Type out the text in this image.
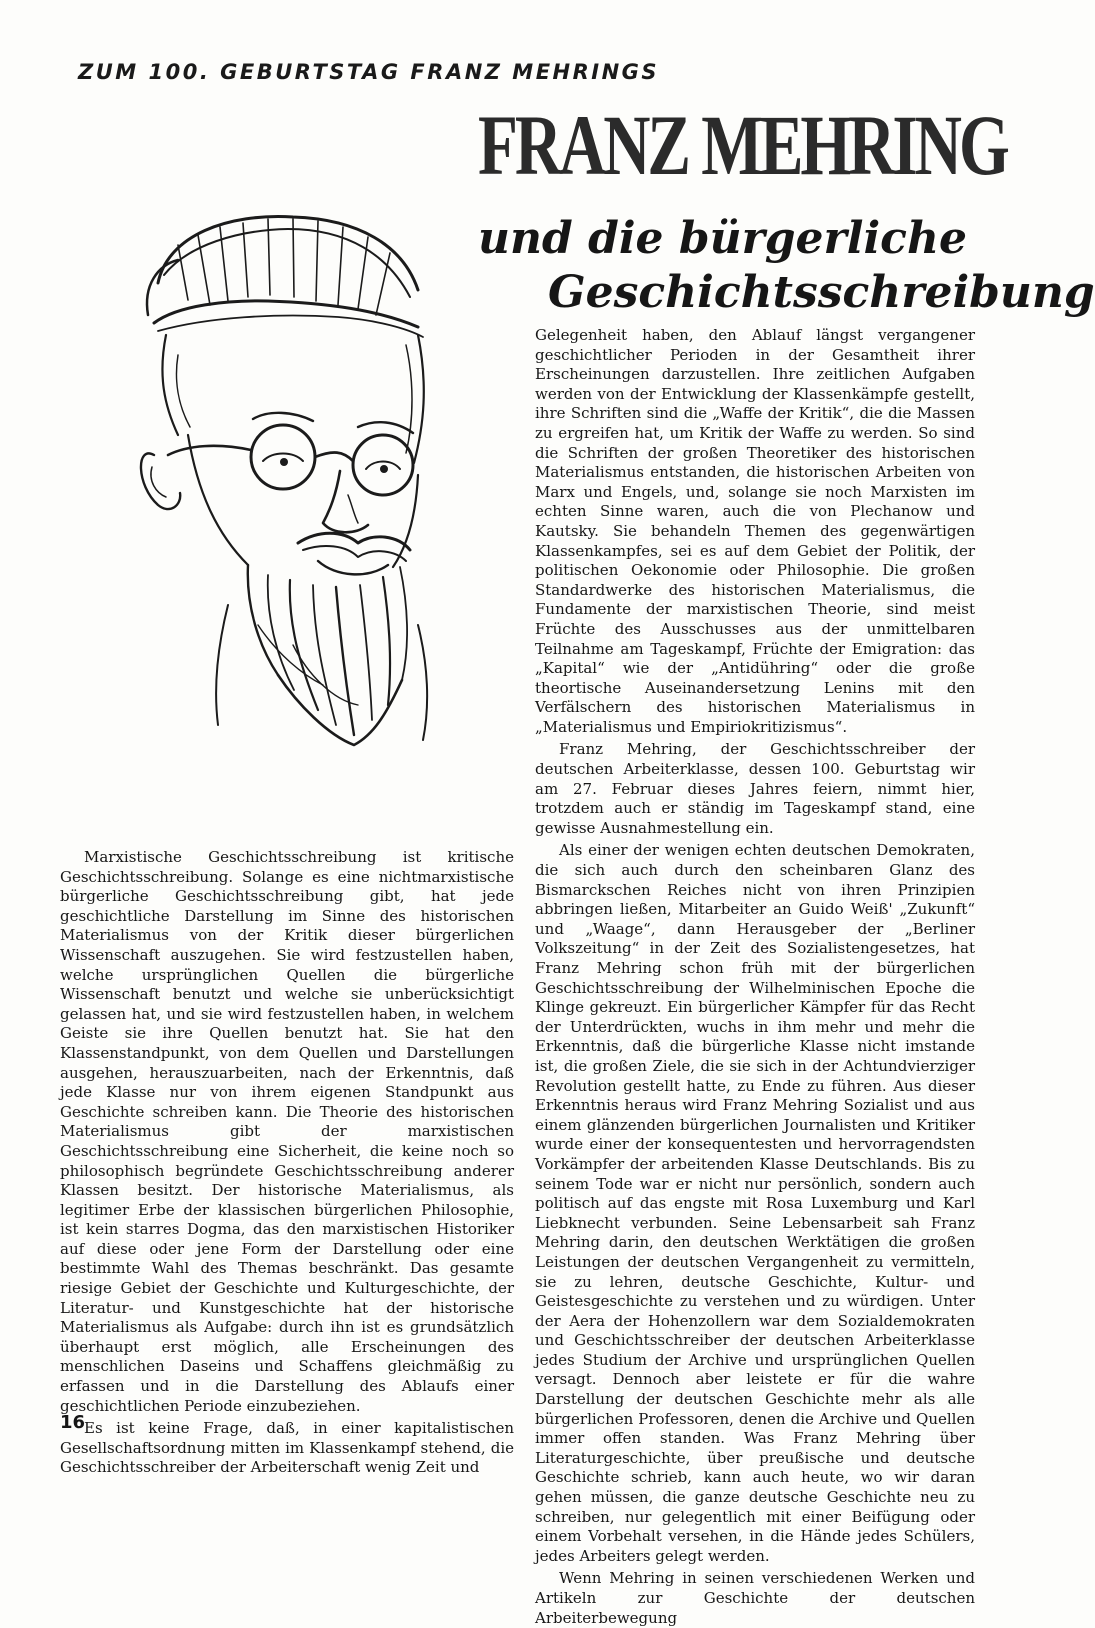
ZUM 100. GEBURTSTAG FRANZ MEHRINGS
FRANZ MEHRING
und die bürgerliche
Geschichtsschreibung

Marxistische Geschichtsschreibung ist kritische Geschichtsschreibung. Solange es eine nichtmarxistische bürgerliche Geschichtsschreibung gibt, hat jede geschichtliche Darstellung im Sinne des historischen Materialismus von der Kritik dieser bürgerlichen Wissenschaft auszugehen. Sie wird festzustellen haben, welche ursprünglichen Quellen die bürgerliche Wissenschaft benutzt und welche sie unberücksichtigt gelassen hat, und sie wird festzustellen haben, in welchem Geiste sie ihre Quellen benutzt hat. Sie hat den Klassenstandpunkt, von dem Quellen und Darstellungen ausgehen, herauszuarbeiten, nach der Erkenntnis, daß jede Klasse nur von ihrem eigenen Standpunkt aus Geschichte schreiben kann. Die Theorie des historischen Materialismus gibt der marxistischen Geschichtsschreibung eine Sicherheit, die keine noch so philosophisch begründete Geschichtsschreibung anderer Klassen besitzt. Der historische Materialismus, als legitimer Erbe der klassischen bürgerlichen Philosophie, ist kein starres Dogma, das den marxistischen Historiker auf diese oder jene Form der Darstellung oder eine bestimmte Wahl des Themas beschränkt. Das gesamte riesige Gebiet der Geschichte und Kulturgeschichte, der Literatur- und Kunstgeschichte hat der historische Materialismus als Aufgabe: durch ihn ist es grundsätzlich überhaupt erst möglich, alle Erscheinungen des menschlichen Daseins und Schaffens gleichmäßig zu erfassen und in die Darstellung des Ablaufs einer geschichtlichen Periode einzubeziehen.

Es ist keine Frage, daß, in einer kapitalistischen Gesellschaftsordnung mitten im Klassenkampf stehend, die Geschichtsschreiber der Arbeiterschaft wenig Zeit und

Gelegenheit haben, den Ablauf längst vergangener geschichtlicher Perioden in der Gesamtheit ihrer Erscheinungen darzustellen. Ihre zeitlichen Aufgaben werden von der Entwicklung der Klassenkämpfe gestellt, ihre Schriften sind die „Waffe der Kritik“, die die Massen zu ergreifen hat, um Kritik der Waffe zu werden. So sind die Schriften der großen Theoretiker des historischen Materialismus entstanden, die historischen Arbeiten von Marx und Engels, und, solange sie noch Marxisten im echten Sinne waren, auch die von Plechanow und Kautsky. Sie behandeln Themen des gegenwärtigen Klassenkampfes, sei es auf dem Gebiet der Politik, der politischen Oekonomie oder Philosophie. Die großen Standardwerke des historischen Materialismus, die Fundamente der marxistischen Theorie, sind meist Früchte des Ausschusses aus der unmittelbaren Teilnahme am Tageskampf, Früchte der Emigration: das „Kapital“ wie der „Antidühring“ oder die große theortische Auseinandersetzung Lenins mit den Verfälschern des historischen Materialismus in „Materialismus und Empiriokritizismus“.

Franz Mehring, der Geschichtsschreiber der deutschen Arbeiterklasse, dessen 100. Geburtstag wir am 27. Februar dieses Jahres feiern, nimmt hier, trotzdem auch er ständig im Tageskampf stand, eine gewisse Ausnahmestellung ein.

Als einer der wenigen echten deutschen Demokraten, die sich auch durch den scheinbaren Glanz des Bismarckschen Reiches nicht von ihren Prinzipien abbringen ließen, Mitarbeiter an Guido Weiß' „Zukunft“ und „Waage“, dann Herausgeber der „Berliner Volkszeitung“ in der Zeit des Sozialistengesetzes, hat Franz Mehring schon früh mit der bürgerlichen Geschichtsschreibung der Wilhelminischen Epoche die Klinge gekreuzt. Ein bürgerlicher Kämpfer für das Recht der Unterdrückten, wuchs in ihm mehr und mehr die Erkenntnis, daß die bürgerliche Klasse nicht imstande ist, die großen Ziele, die sie sich in der Achtundvierziger Revolution gestellt hatte, zu Ende zu führen. Aus dieser Erkenntnis heraus wird Franz Mehring Sozialist und aus einem glänzenden bürgerlichen Journalisten und Kritiker wurde einer der konsequentesten und hervorragendsten Vorkämpfer der arbeitenden Klasse Deutschlands. Bis zu seinem Tode war er nicht nur persönlich, sondern auch politisch auf das engste mit Rosa Luxemburg und Karl Liebknecht verbunden. Seine Lebensarbeit sah Franz Mehring darin, den deutschen Werktätigen die großen Leistungen der deutschen Vergangenheit zu vermitteln, sie zu lehren, deutsche Geschichte, Kultur- und Geistesgeschichte zu verstehen und zu würdigen. Unter der Aera der Hohenzollern war dem Sozialdemokraten und Geschichtsschreiber der deutschen Arbeiterklasse jedes Studium der Archive und ursprünglichen Quellen versagt. Dennoch aber leistete er für die wahre Darstellung der deutschen Geschichte mehr als alle bürgerlichen Professoren, denen die Archive und Quellen immer offen standen. Was Franz Mehring über Literaturgeschichte, über preußische und deutsche Geschichte schrieb, kann auch heute, wo wir daran gehen müssen, die ganze deutsche Geschichte neu zu schreiben, nur gelegentlich mit einer Beifügung oder einem Vorbehalt versehen, in die Hände jedes Schülers, jedes Arbeiters gelegt werden.

Wenn Mehring in seinen verschiedenen Werken und Artikeln zur Geschichte der deutschen Arbeiterbewegung

16
